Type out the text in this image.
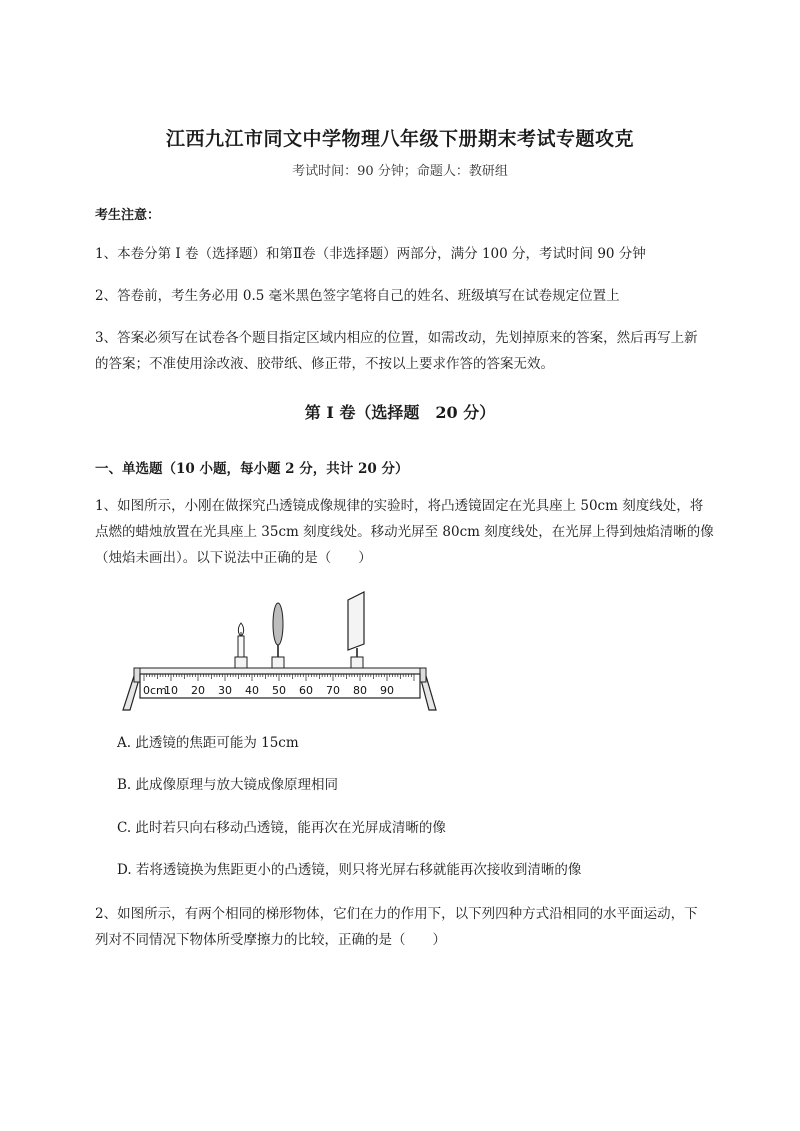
江西九江市同文中学物理八年级下册期末考试专题攻克
考试时间：90 分钟；命题人：教研组
考生注意：
1、本卷分第 I 卷（选择题）和第Ⅱ卷（非选择题）两部分，满分 100 分，考试时间 90 分钟
2、答卷前，考生务必用 0.5 毫米黑色签字笔将自己的姓名、班级填写在试卷规定位置上
3、答案必须写在试卷各个题目指定区域内相应的位置，如需改动，先划掉原来的答案，然后再写上新
的答案；不准使用涂改液、胶带纸、修正带，不按以上要求作答的答案无效。
第 I 卷（选择题　20 分）
一、单选题（10 小题，每小题 2 分，共计 20 分）
1、如图所示，小刚在做探究凸透镜成像规律的实验时，将凸透镜固定在光具座上 50cm 刻度线处，将
点燃的蜡烛放置在光具座上 35cm 刻度线处。移动光屏至 80cm 刻度线处，在光屏上得到烛焰清晰的像
（烛焰未画出）。以下说法中正确的是（　　）
0cm
10 20 30 40 50 60 70 80 90
A. 此透镜的焦距可能为 15cm
B. 此成像原理与放大镜成像原理相同
C. 此时若只向右移动凸透镜，能再次在光屏成清晰的像
D. 若将透镜换为焦距更小的凸透镜，则只将光屏右移就能再次接收到清晰的像
2、如图所示，有两个相同的梯形物体，它们在力的作用下，以下列四种方式沿相同的水平面运动，下
列对不同情况下物体所受摩擦力的比较，正确的是（　　）
